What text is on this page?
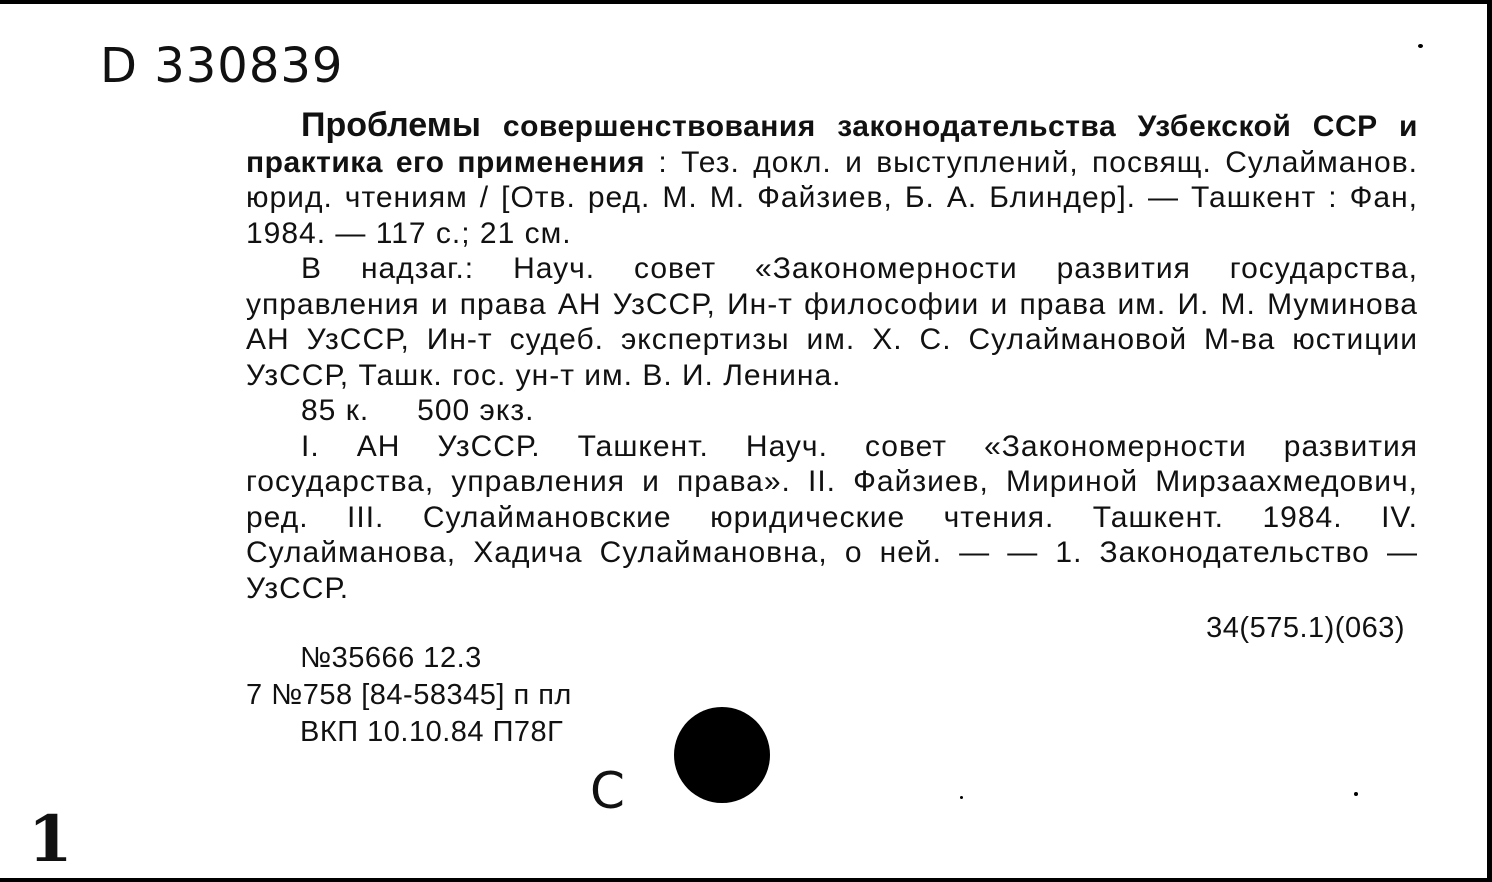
D 330839

Проблемы совершенствования законодательства Узбекской ССР и практика его применения : Тез. докл. и выступлений, посвящ. Сулайманов. юрид. чтениям / [Отв. ред. М. М. Файзиев, Б. А. Блиндер]. — Ташкент : Фан, 1984. — 117 с.; 21 см.

В надзаг.: Науч. совет «Закономерности развития государства, управления и права АН УзССР, Ин-т философии и права им. И. М. Муминова АН УзССР, Ин-т судеб. экспертизы им. Х. С. Сулаймановой М-ва юстиции УзССР, Ташк. гос. ун-т им. В. И. Ленина.

85 к. 500 экз.

I. АН УзССР. Ташкент. Науч. совет «Закономерности развития государства, управления и права». II. Файзиев, Мириной Мирзаахмедович, ред. III. Сулаймановские юридические чтения. Ташкент. 1984. IV. Сулайманова, Хадича Сулаймановна, о ней. — — 1. Законодательство — УзССР.

34(575.1)(063)
№35666 12.3
7 №758 [84-58345] п пл
ВКП 10.10.84 П78Г
С
1
